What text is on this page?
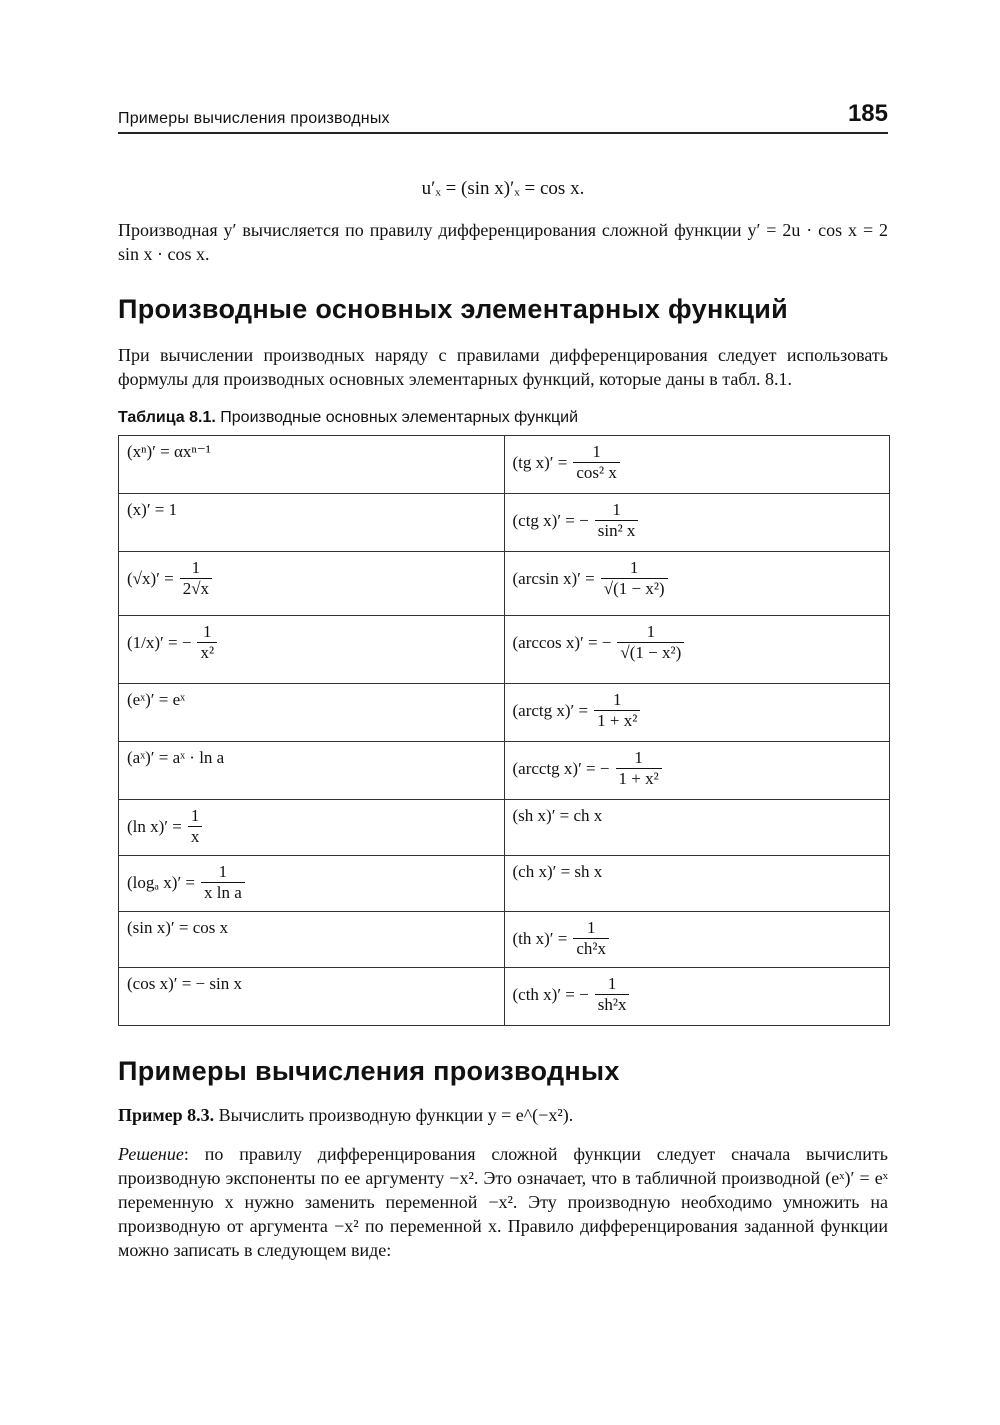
Примеры вычисления производных	185
u′ₓ = (sin x)′ₓ = cos x.

Производная y′ вычисляется по правилу дифференцирования сложной функции y′ = 2u · cos x = 2 sin x · cos x.

Производные основных элементарных функций

При вычислении производных наряду с правилами дифференцирования следует использовать формулы для производных основных элементарных функций, которые даны в табл. 8.1.

Таблица 8.1. Производные основных элементарных функций
(xⁿ)′ = αxⁿ⁻¹	(tg $x)' = \frac{1}{\text{cos² x}}$

(x)′ = 1	(ctg x)′ = − $\frac{1}{\text{sin² x}}$

$(√x)' = \frac{1}{2√x}$	(arcsin $x)' = \frac{1}{\text{√(1 − x²)}}$

(1/x)′ = − $\frac{1}{\text{x²}}$	(arccos x)′ = − $\frac{1}{\text{√(1 − x²)}}$

(eˣ)′ = eˣ	(arctg $x)' = \frac{1}{\text{1 + x²}}$

(aˣ)′ = aˣ · ln a	(arcctg x)′ = − $\frac{1}{\text{1 + x²}}$

(ln $x)' = \frac{1}{x}$	(sh x)′ = ch x

(logₐ $x)' = \frac{1}{\text{x ln a}}$	(ch x)′ = sh x

(sin x)′ = cos x	(th $x)' = \frac{1}{\text{ch²x}}$

(cos x)′ = − sin x	(cth x)′ = − $\frac{1}{\text{sh²x}}$
Примеры вычисления производных
Пример 8.3. Вычислить производную функции y = e^(−x²).

Решение: по правилу дифференцирования сложной функции следует сначала вычислить производную экспоненты по ее аргументу −x². Это означает, что в табличной производной (eˣ)′ = eˣ переменную x нужно заменить переменной −x². Эту производную необходимо умножить на производную от аргумента −x² по переменной x. Правило дифференцирования заданной функции можно записать в следующем виде:
